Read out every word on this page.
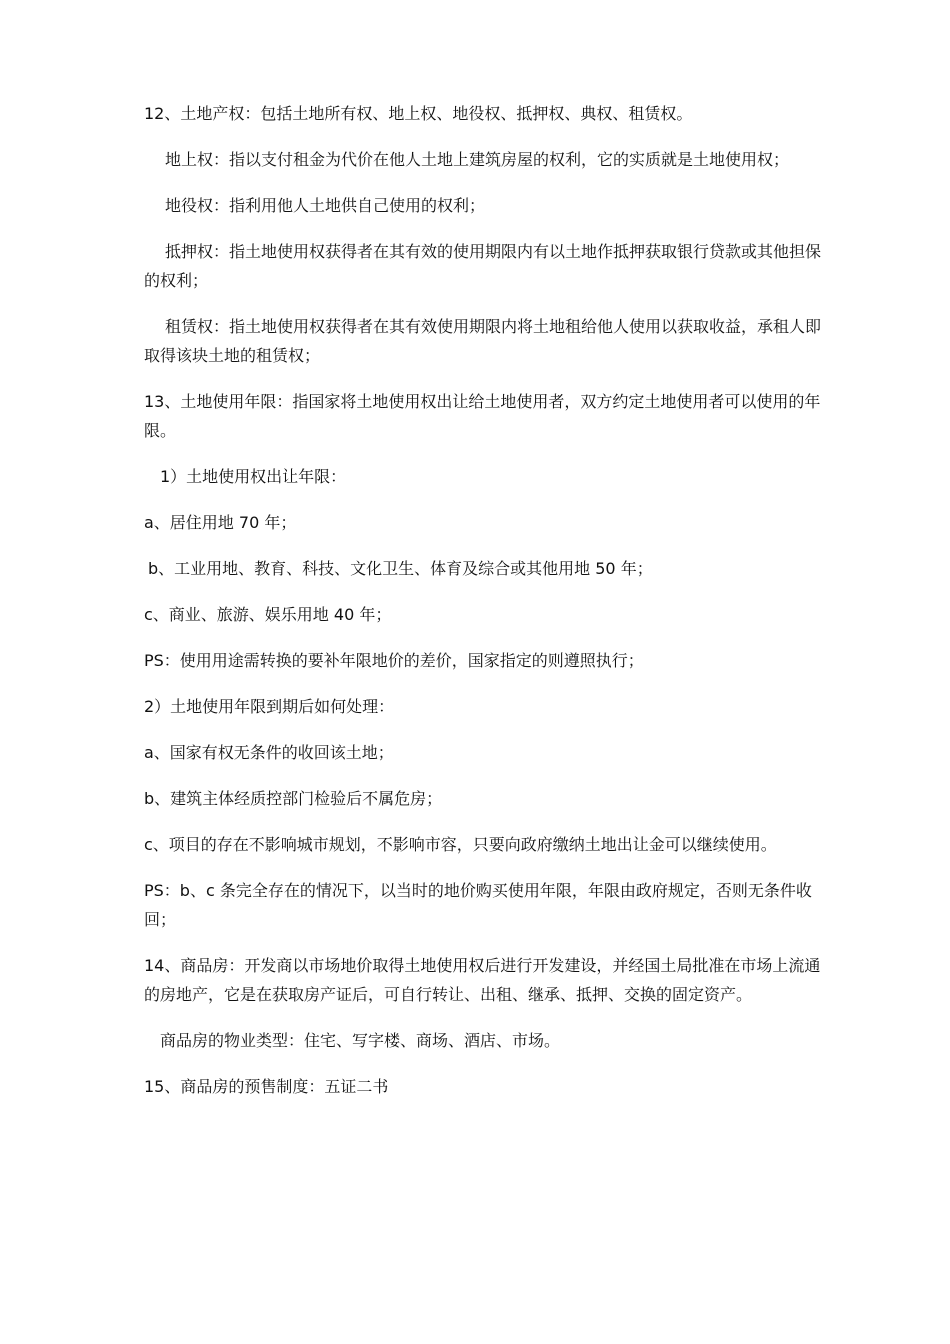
12、土地产权：包括土地所有权、地上权、地役权、抵押权、典权、租赁权。

地上权：指以支付租金为代价在他人土地上建筑房屋的权利，它的实质就是土地使用权；

地役权：指利用他人土地供自己使用的权利；

抵押权：指土地使用权获得者在其有效的使用期限内有以土地作抵押获取银行贷款或其他担保的权利；

租赁权：指土地使用权获得者在其有效使用期限内将土地租给他人使用以获取收益，承租人即取得该块土地的租赁权；

13、土地使用年限：指国家将土地使用权出让给土地使用者，双方约定土地使用者可以使用的年限。

1）土地使用权出让年限：

a、居住用地 70 年；

b、工业用地、教育、科技、文化卫生、体育及综合或其他用地 50 年；

c、商业、旅游、娱乐用地 40 年；

PS：使用用途需转换的要补年限地价的差价，国家指定的则遵照执行；

2）土地使用年限到期后如何处理：

a、国家有权无条件的收回该土地；

b、建筑主体经质控部门检验后不属危房；

c、项目的存在不影响城市规划，不影响市容，只要向政府缴纳土地出让金可以继续使用。

PS：b、c 条完全存在的情况下，以当时的地价购买使用年限，年限由政府规定，否则无条件收回；

14、商品房：开发商以市场地价取得土地使用权后进行开发建设，并经国土局批准在市场上流通的房地产，它是在获取房产证后，可自行转让、出租、继承、抵押、交换的固定资产。

商品房的物业类型：住宅、写字楼、商场、酒店、市场。

15、商品房的预售制度：五证二书
